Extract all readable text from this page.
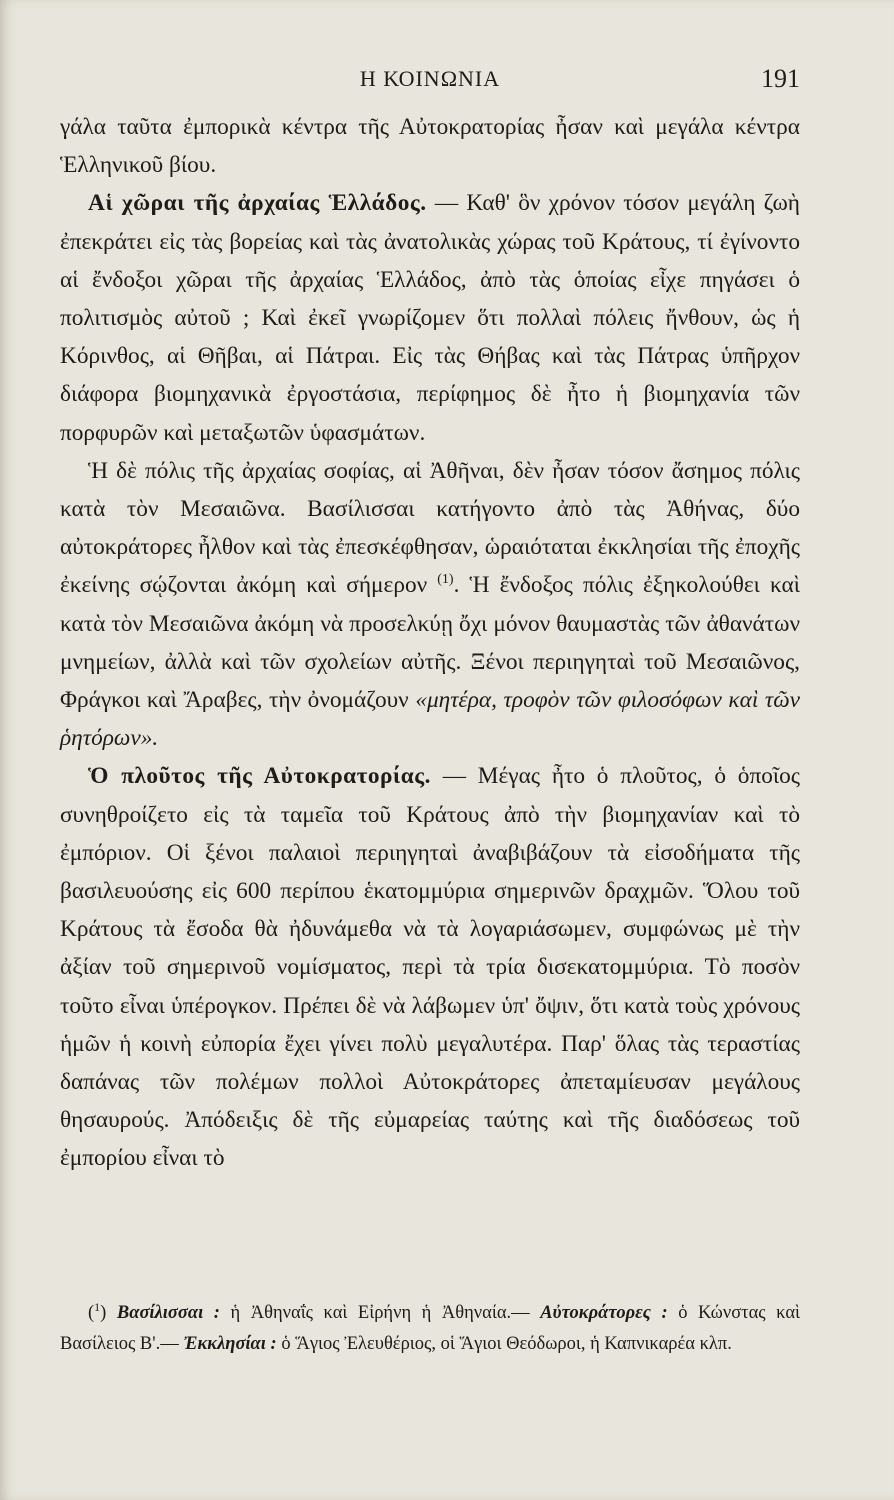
Η ΚΟΙΝΩΝΙΑ	191

γάλα ταῦτα ἐμπορικὰ κέντρα τῆς Αὐτοκρατορίας ἦσαν καὶ μεγάλα κέντρα Ἑλληνικοῦ βίου.

Αἱ χῶραι τῆς ἀρχαίας Ἑλλάδος. — Καθ' ὃν χρόνον τόσον μεγάλη ζωὴ ἐπεκράτει εἰς τὰς βορείας καὶ τὰς ἀνατολικὰς χώρας τοῦ Κράτους, τί ἐγίνοντο αἱ ἔνδοξοι χῶραι τῆς ἀρχαίας Ἑλλάδος, ἀπὸ τὰς ὁποίας εἶχε πηγάσει ὁ πολιτισμὸς αὐτοῦ ; Καὶ ἐκεῖ γνωρίζομεν ὅτι πολλαὶ πόλεις ἤνθουν, ὡς ἡ Κόρινθος, αἱ Θῆβαι, αἱ Πάτραι. Εἰς τὰς Θήβας καὶ τὰς Πάτρας ὑπῆρχον διάφορα βιομηχανικὰ ἐργοστάσια, περίφημος δὲ ἦτο ἡ βιομηχανία τῶν πορφυρῶν καὶ μεταξωτῶν ὑφασμάτων.

Ἡ δὲ πόλις τῆς ἀρχαίας σοφίας, αἱ Ἀθῆναι, δὲν ἦσαν τόσον ἄσημος πόλις κατὰ τὸν Μεσαιῶνα. Βασίλισσαι κατήγοντο ἀπὸ τὰς Ἀθήνας, δύο αὐτοκράτορες ἦλθον καὶ τὰς ἐπεσκέφθησαν, ὡραιόταται ἐκκλησίαι τῆς ἐποχῆς ἐκείνης σῴζονται ἀκόμη καὶ σήμερον $^{(1)}$. Ἡ ἔνδοξος πόλις ἐξηκολούθει καὶ κατὰ τὸν Μεσαιῶνα ἀκόμη νὰ προσελκύῃ ὄχι μόνον θαυμαστὰς τῶν ἀθανάτων μνημείων, ἀλλὰ καὶ τῶν σχολείων αὐτῆς. Ξένοι περιηγηταὶ τοῦ Μεσαιῶνος, Φράγκοι καὶ Ἄραβες, τὴν ὀνομάζουν «μητέρα, τροφὸν τῶν φιλοσόφων καὶ τῶν ῥητόρων».

Ὁ πλοῦτος τῆς Αὐτοκρατορίας. — Μέγας ἦτο ὁ πλοῦτος, ὁ ὁποῖος συνηθροίζετο εἰς τὰ ταμεῖα τοῦ Κράτους ἀπὸ τὴν βιομηχανίαν καὶ τὸ ἐμπόριον. Οἱ ξένοι παλαιοὶ περιηγηταὶ ἀναβιβάζουν τὰ εἰσοδήματα τῆς βασιλευούσης εἰς 600 περίπου ἑκατομμύρια σημερινῶν δραχμῶν. Ὅλου τοῦ Κράτους τὰ ἔσοδα θὰ ἠδυνάμεθα νὰ τὰ λογαριάσωμεν, συμφώνως μὲ τὴν ἀξίαν τοῦ σημερινοῦ νομίσματος, περὶ τὰ τρία δισεκατομμύρια. Τὸ ποσὸν τοῦτο εἶναι ὑπέρογκον. Πρέπει δὲ νὰ λάβωμεν ὑπ' ὄψιν, ὅτι κατὰ τοὺς χρόνους ἡμῶν ἡ κοινὴ εὐπορία ἔχει γίνει πολὺ μεγαλυτέρα. Παρ' ὅλας τὰς τεραστίας δαπάνας τῶν πολέμων πολλοὶ Αὐτοκράτορες ἀπεταμίευσαν μεγάλους θησαυρούς. Ἀπόδειξις δὲ τῆς εὐμαρείας ταύτης καὶ τῆς διαδόσεως τοῦ ἐμπορίου εἶναι τὸ

($^1$) Βασίλισσαι : ἡ Ἀθηναΐς καὶ Εἰρήνη ἡ Ἀθηναία.— Αὐτοκράτορες : ὁ Κώνστας καὶ Βασίλειος Β'.— Ἐκκλησίαι : ὁ Ἅγιος Ἐλευθέριος, οἱ Ἅγιοι Θεόδωροι, ἡ Καπνικαρέα κλπ.
